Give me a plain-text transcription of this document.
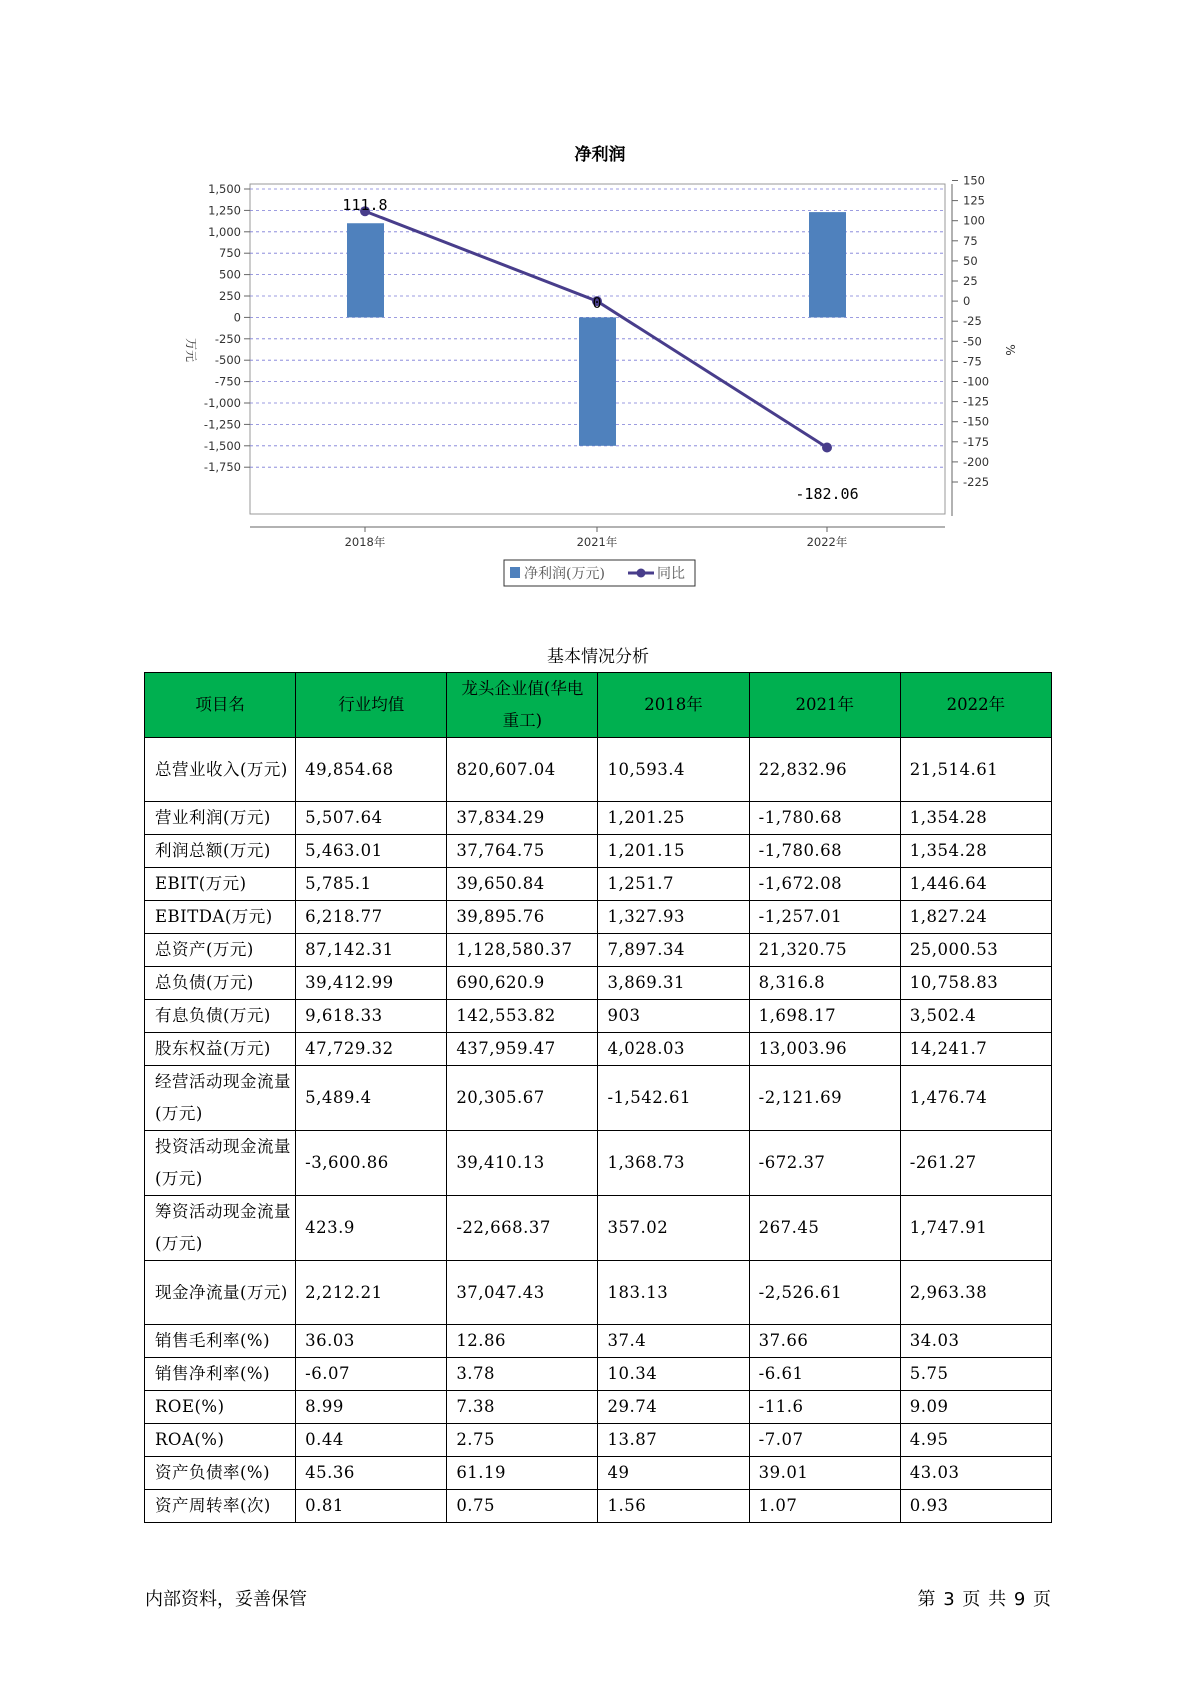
净利润
1,500
1,250
1,000
750
500
250
0
-250
-500
-750
-1,000
-1,250
-1,500
-1,750
150
125
100
75
50
25
0
-25
-50
-75
-100
-125
-150
-175
-200
-225
111.8
0
-182.06
2018年	2021年	2022年
万元	%
净利润(万元)	同比
基本情况分析
项目名	行业均值	龙头企业值(华电重工)	2018年	2021年	2022年
总营业收入(万元)	49,854.68	820,607.04	10,593.4	22,832.96	21,514.61
营业利润(万元)	5,507.64	37,834.29	1,201.25	-1,780.68	1,354.28
利润总额(万元)	5,463.01	37,764.75	1,201.15	-1,780.68	1,354.28
EBIT(万元)	5,785.1	39,650.84	1,251.7	-1,672.08	1,446.64
EBITDA(万元)	6,218.77	39,895.76	1,327.93	-1,257.01	1,827.24
总资产(万元)	87,142.31	1,128,580.37	7,897.34	21,320.75	25,000.53
总负债(万元)	39,412.99	690,620.9	3,869.31	8,316.8	10,758.83
有息负债(万元)	9,618.33	142,553.82	903	1,698.17	3,502.4
股东权益(万元)	47,729.32	437,959.47	4,028.03	13,003.96	14,241.7
经营活动现金流量(万元)	5,489.4	20,305.67	-1,542.61	-2,121.69	1,476.74
投资活动现金流量(万元)	-3,600.86	39,410.13	1,368.73	-672.37	-261.27
筹资活动现金流量(万元)	423.9	-22,668.37	357.02	267.45	1,747.91
现金净流量(万元)	2,212.21	37,047.43	183.13	-2,526.61	2,963.38
销售毛利率(%)	36.03	12.86	37.4	37.66	34.03
销售净利率(%)	-6.07	3.78	10.34	-6.61	5.75
ROE(%)	8.99	7.38	29.74	-11.6	9.09
ROA(%)	0.44	2.75	13.87	-7.07	4.95
资产负债率(%)	45.36	61.19	49	39.01	43.03
资产周转率(次)	0.81	0.75	1.56	1.07	0.93
内部资料，妥善保管	第 3 页 共 9 页
